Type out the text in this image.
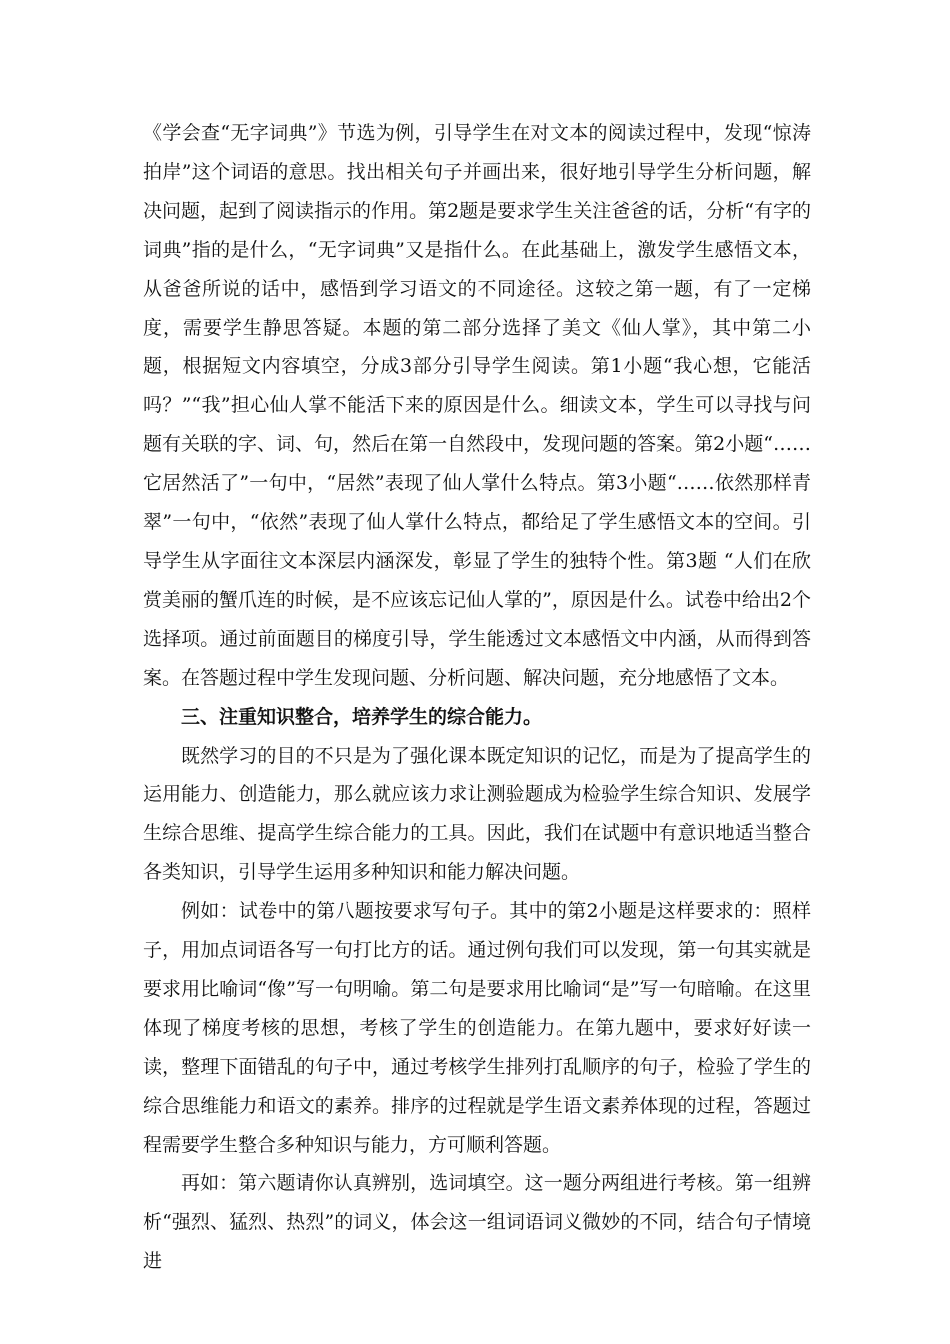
《学会查“无字词典”》节选为例，引导学生在对文本的阅读过程中，发现“惊涛拍岸”这个词语的意思。找出相关句子并画出来，很好地引导学生分析问题，解决问题，起到了阅读指示的作用。第2题是要求学生关注爸爸的话，分析“有字的词典”指的是什么，“无字词典”又是指什么。在此基础上，激发学生感悟文本，从爸爸所说的话中，感悟到学习语文的不同途径。这较之第一题，有了一定梯度，需要学生静思答疑。本题的第二部分选择了美文《仙人掌》，其中第二小题，根据短文内容填空，分成3部分引导学生阅读。第1小题“我心想，它能活吗？”“我”担心仙人掌不能活下来的原因是什么。细读文本，学生可以寻找与问题有关联的字、词、句，然后在第一自然段中，发现问题的答案。第2小题“……它居然活了”一句中，“居然”表现了仙人掌什么特点。第3小题“……依然那样青翠”一句中，“依然”表现了仙人掌什么特点，都给足了学生感悟文本的空间。引导学生从字面往文本深层内涵深发，彰显了学生的独特个性。第3题 “人们在欣赏美丽的蟹爪连的时候，是不应该忘记仙人掌的”，原因是什么。试卷中给出2个选择项。通过前面题目的梯度引导，学生能透过文本感悟文中内涵，从而得到答案。在答题过程中学生发现问题、分析问题、解决问题，充分地感悟了文本。

三、注重知识整合，培养学生的综合能力。

既然学习的目的不只是为了强化课本既定知识的记忆，而是为了提高学生的运用能力、创造能力，那么就应该力求让测验题成为检验学生综合知识、发展学生综合思维、提高学生综合能力的工具。因此，我们在试题中有意识地适当整合各类知识，引导学生运用多种知识和能力解决问题。

例如：试卷中的第八题按要求写句子。其中的第2小题是这样要求的：照样子，用加点词语各写一句打比方的话。通过例句我们可以发现，第一句其实就是要求用比喻词“像”写一句明喻。第二句是要求用比喻词“是”写一句暗喻。在这里体现了梯度考核的思想，考核了学生的创造能力。在第九题中，要求好好读一读，整理下面错乱的句子中，通过考核学生排列打乱顺序的句子，检验了学生的综合思维能力和语文的素养。排序的过程就是学生语文素养体现的过程，答题过程需要学生整合多种知识与能力，方可顺利答题。

再如：第六题请你认真辨别，选词填空。这一题分两组进行考核。第一组辨析“强烈、猛烈、热烈”的词义，体会这一组词语词义微妙的不同，结合句子情境进
